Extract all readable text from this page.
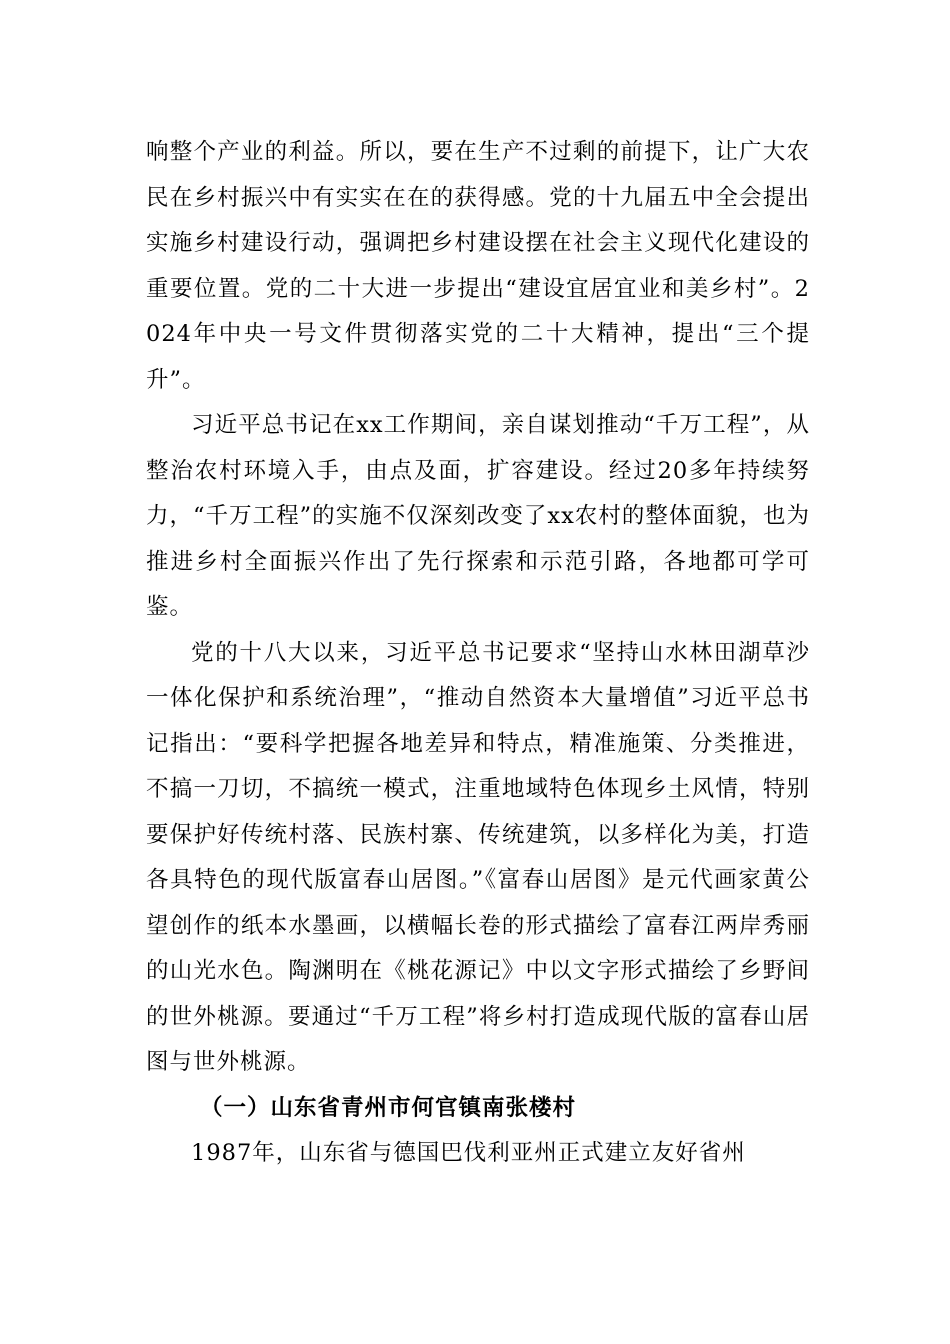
响整个产业的利益。所以，要在生产不过剩的前提下，让广大农民在乡村振兴中有实实在在的获得感。党的十九届五中全会提出实施乡村建设行动，强调把乡村建设摆在社会主义现代化建设的重要位置。党的二十大进一步提出“建设宜居宜业和美乡村”。2024年中央一号文件贯彻落实党的二十大精神，提出“三个提升”。

习近平总书记在xx工作期间，亲自谋划推动“千万工程”，从整治农村环境入手，由点及面，扩容建设。经过20多年持续努力，“千万工程”的实施不仅深刻改变了xx农村的整体面貌，也为推进乡村全面振兴作出了先行探索和示范引路，各地都可学可鉴。

党的十八大以来，习近平总书记要求“坚持山水林田湖草沙一体化保护和系统治理”，“推动自然资本大量增值”习近平总书记指出：“要科学把握各地差异和特点，精准施策、分类推进，不搞一刀切，不搞统一模式，注重地域特色体现乡土风情，特别要保护好传统村落、民族村寨、传统建筑，以多样化为美，打造各具特色的现代版富春山居图。”《富春山居图》是元代画家黄公望创作的纸本水墨画，以横幅长卷的形式描绘了富春江两岸秀丽的山光水色。陶渊明在《桃花源记》中以文字形式描绘了乡野间的世外桃源。要通过“千万工程”将乡村打造成现代版的富春山居图与世外桃源。

（一）山东省青州市何官镇南张楼村

1987年，山东省与德国巴伐利亚州正式建立友好省州
